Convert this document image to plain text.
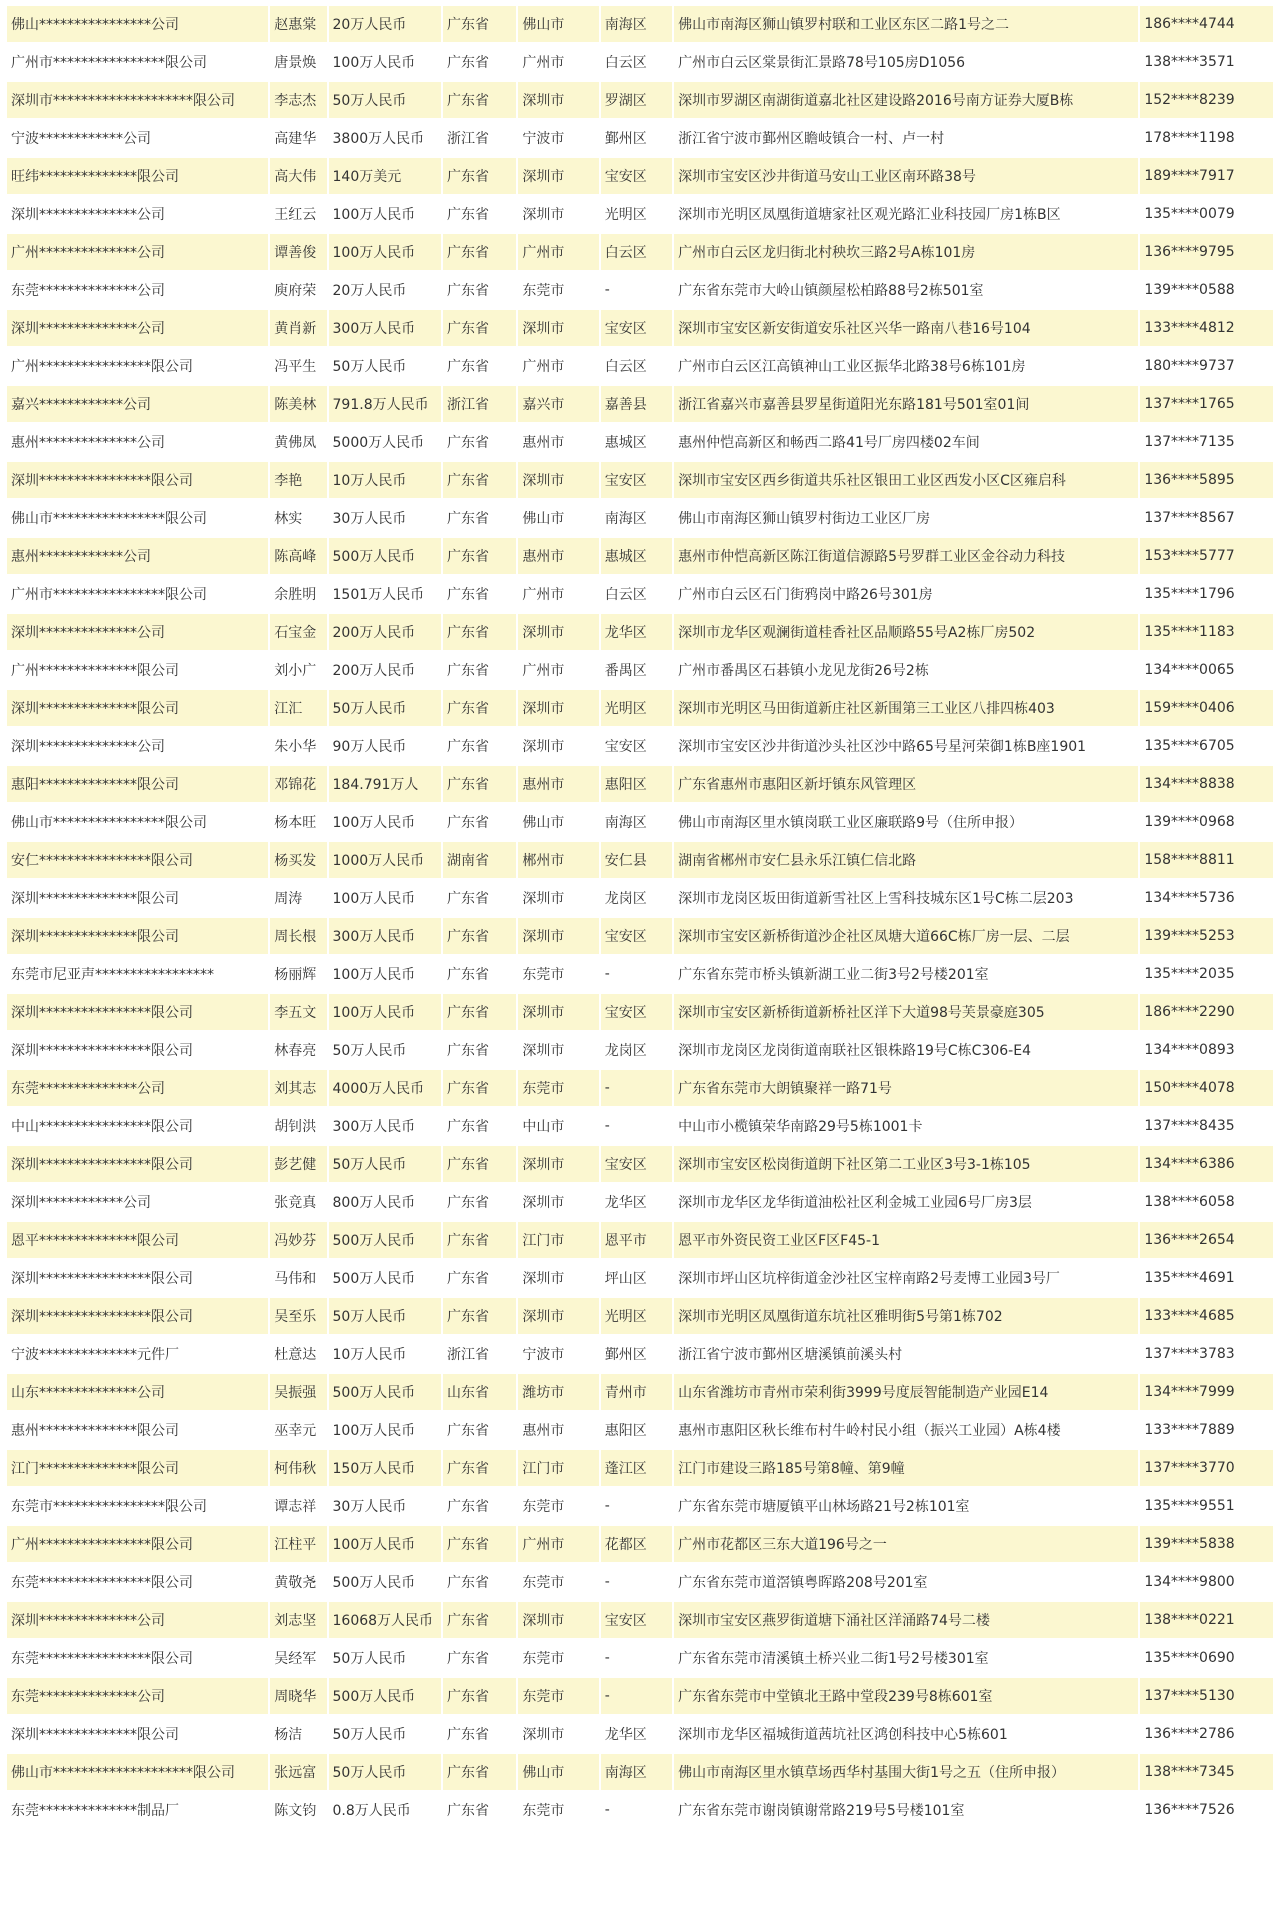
佛山****************公司	赵惠棠	20万人民币	广东省	佛山市	南海区	佛山市南海区狮山镇罗村联和工业区东区二路1号之二	186****4744
广州市****************限公司	唐景焕	100万人民币	广东省	广州市	白云区	广州市白云区棠景街汇景路78号105房D1056	138****3571
深圳市********************限公司	李志杰	50万人民币	广东省	深圳市	罗湖区	深圳市罗湖区南湖街道嘉北社区建设路2016号南方证券大厦B栋	152****8239
宁波************公司	高建华	3800万人民币	浙江省	宁波市	鄞州区	浙江省宁波市鄞州区瞻岐镇合一村、卢一村	178****1198
旺纬**************限公司	高大伟	140万美元	广东省	深圳市	宝安区	深圳市宝安区沙井街道马安山工业区南环路38号	189****7917
深圳**************公司	王红云	100万人民币	广东省	深圳市	光明区	深圳市光明区凤凰街道塘家社区观光路汇业科技园厂房1栋B区	135****0079
广州**************公司	谭善俊	100万人民币	广东省	广州市	白云区	广州市白云区龙归街北村秧坎三路2号A栋101房	136****9795
东莞**************公司	庾府荣	20万人民币	广东省	东莞市	-	广东省东莞市大岭山镇颜屋松柏路88号2栋501室	139****0588
深圳**************公司	黄肖新	300万人民币	广东省	深圳市	宝安区	深圳市宝安区新安街道安乐社区兴华一路南八巷16号104	133****4812
广州****************限公司	冯平生	50万人民币	广东省	广州市	白云区	广州市白云区江高镇神山工业区振华北路38号6栋101房	180****9737
嘉兴************公司	陈美林	791.8万人民币	浙江省	嘉兴市	嘉善县	浙江省嘉兴市嘉善县罗星街道阳光东路181号501室01间	137****1765
惠州**************公司	黄佛凤	5000万人民币	广东省	惠州市	惠城区	惠州仲恺高新区和畅西二路41号厂房四楼02车间	137****7135
深圳****************限公司	李艳	10万人民币	广东省	深圳市	宝安区	深圳市宝安区西乡街道共乐社区银田工业区西发小区C区雍启科	136****5895
佛山市****************限公司	林实	30万人民币	广东省	佛山市	南海区	佛山市南海区狮山镇罗村街边工业区厂房	137****8567
惠州************公司	陈高峰	500万人民币	广东省	惠州市	惠城区	惠州市仲恺高新区陈江街道信源路5号罗群工业区金谷动力科技	153****5777
广州市****************限公司	余胜明	1501万人民币	广东省	广州市	白云区	广州市白云区石门街鸦岗中路26号301房	135****1796
深圳**************公司	石宝金	200万人民币	广东省	深圳市	龙华区	深圳市龙华区观澜街道桂香社区品顺路55号A2栋厂房502	135****1183
广州**************限公司	刘小广	200万人民币	广东省	广州市	番禺区	广州市番禺区石碁镇小龙见龙街26号2栋	134****0065
深圳**************限公司	江汇	50万人民币	广东省	深圳市	光明区	深圳市光明区马田街道新庄社区新围第三工业区八排四栋403	159****0406
深圳**************公司	朱小华	90万人民币	广东省	深圳市	宝安区	深圳市宝安区沙井街道沙头社区沙中路65号星河荣御1栋B座1901	135****6705
惠阳**************限公司	邓锦花	184.791万人	广东省	惠州市	惠阳区	广东省惠州市惠阳区新圩镇东风管理区	134****8838
佛山市****************限公司	杨本旺	100万人民币	广东省	佛山市	南海区	佛山市南海区里水镇岗联工业区廉联路9号（住所申报）	139****0968
安仁****************限公司	杨买发	1000万人民币	湖南省	郴州市	安仁县	湖南省郴州市安仁县永乐江镇仁信北路	158****8811
深圳**************限公司	周涛	100万人民币	广东省	深圳市	龙岗区	深圳市龙岗区坂田街道新雪社区上雪科技城东区1号C栋二层203	134****5736
深圳**************限公司	周长根	300万人民币	广东省	深圳市	宝安区	深圳市宝安区新桥街道沙企社区凤塘大道66C栋厂房一层、二层	139****5253
东莞市尼亚声*****************	杨丽辉	100万人民币	广东省	东莞市	-	广东省东莞市桥头镇新湖工业二街3号2号楼201室	135****2035
深圳****************限公司	李五文	100万人民币	广东省	深圳市	宝安区	深圳市宝安区新桥街道新桥社区洋下大道98号芙景豪庭305	186****2290
深圳****************限公司	林春亮	50万人民币	广东省	深圳市	龙岗区	深圳市龙岗区龙岗街道南联社区银株路19号C栋C306-E4	134****0893
东莞**************公司	刘其志	4000万人民币	广东省	东莞市	-	广东省东莞市大朗镇聚祥一路71号	150****4078
中山****************限公司	胡钊洪	300万人民币	广东省	中山市	-	中山市小榄镇荣华南路29号5栋1001卡	137****8435
深圳****************限公司	彭艺健	50万人民币	广东省	深圳市	宝安区	深圳市宝安区松岗街道朗下社区第二工业区3号3-1栋105	134****6386
深圳************公司	张竞真	800万人民币	广东省	深圳市	龙华区	深圳市龙华区龙华街道油松社区利金城工业园6号厂房3层	138****6058
恩平**************限公司	冯妙芬	500万人民币	广东省	江门市	恩平市	恩平市外资民资工业区F区F45-1	136****2654
深圳****************限公司	马伟和	500万人民币	广东省	深圳市	坪山区	深圳市坪山区坑梓街道金沙社区宝梓南路2号麦博工业园3号厂	135****4691
深圳****************限公司	吴至乐	50万人民币	广东省	深圳市	光明区	深圳市光明区凤凰街道东坑社区雅明街5号第1栋702	133****4685
宁波**************元件厂	杜意达	10万人民币	浙江省	宁波市	鄞州区	浙江省宁波市鄞州区塘溪镇前溪头村	137****3783
山东**************公司	吴振强	500万人民币	山东省	潍坊市	青州市	山东省潍坊市青州市荣利街3999号度辰智能制造产业园E14	134****7999
惠州**************限公司	巫幸元	100万人民币	广东省	惠州市	惠阳区	惠州市惠阳区秋长维布村牛岭村民小组（振兴工业园）A栋4楼	133****7889
江门**************限公司	柯伟秋	150万人民币	广东省	江门市	蓬江区	江门市建设三路185号第8幢、第9幢	137****3770
东莞市****************限公司	谭志祥	30万人民币	广东省	东莞市	-	广东省东莞市塘厦镇平山林场路21号2栋101室	135****9551
广州****************限公司	江柱平	100万人民币	广东省	广州市	花都区	广州市花都区三东大道196号之一	139****5838
东莞****************限公司	黄敬尧	500万人民币	广东省	东莞市	-	广东省东莞市道滘镇粤晖路208号201室	134****9800
深圳**************公司	刘志坚	16068万人民币	广东省	深圳市	宝安区	深圳市宝安区燕罗街道塘下涌社区洋涌路74号二楼	138****0221
东莞****************限公司	吴经军	50万人民币	广东省	东莞市	-	广东省东莞市清溪镇土桥兴业二街1号2号楼301室	135****0690
东莞**************公司	周晓华	500万人民币	广东省	东莞市	-	广东省东莞市中堂镇北王路中堂段239号8栋601室	137****5130
深圳**************限公司	杨洁	50万人民币	广东省	深圳市	龙华区	深圳市龙华区福城街道茜坑社区鸿创科技中心5栋601	136****2786
佛山市********************限公司	张远富	50万人民币	广东省	佛山市	南海区	佛山市南海区里水镇草场西华村基围大街1号之五（住所申报）	138****7345
东莞**************制品厂	陈文钧	0.8万人民币	广东省	东莞市	-	广东省东莞市谢岗镇谢常路219号5号楼101室	136****7526
